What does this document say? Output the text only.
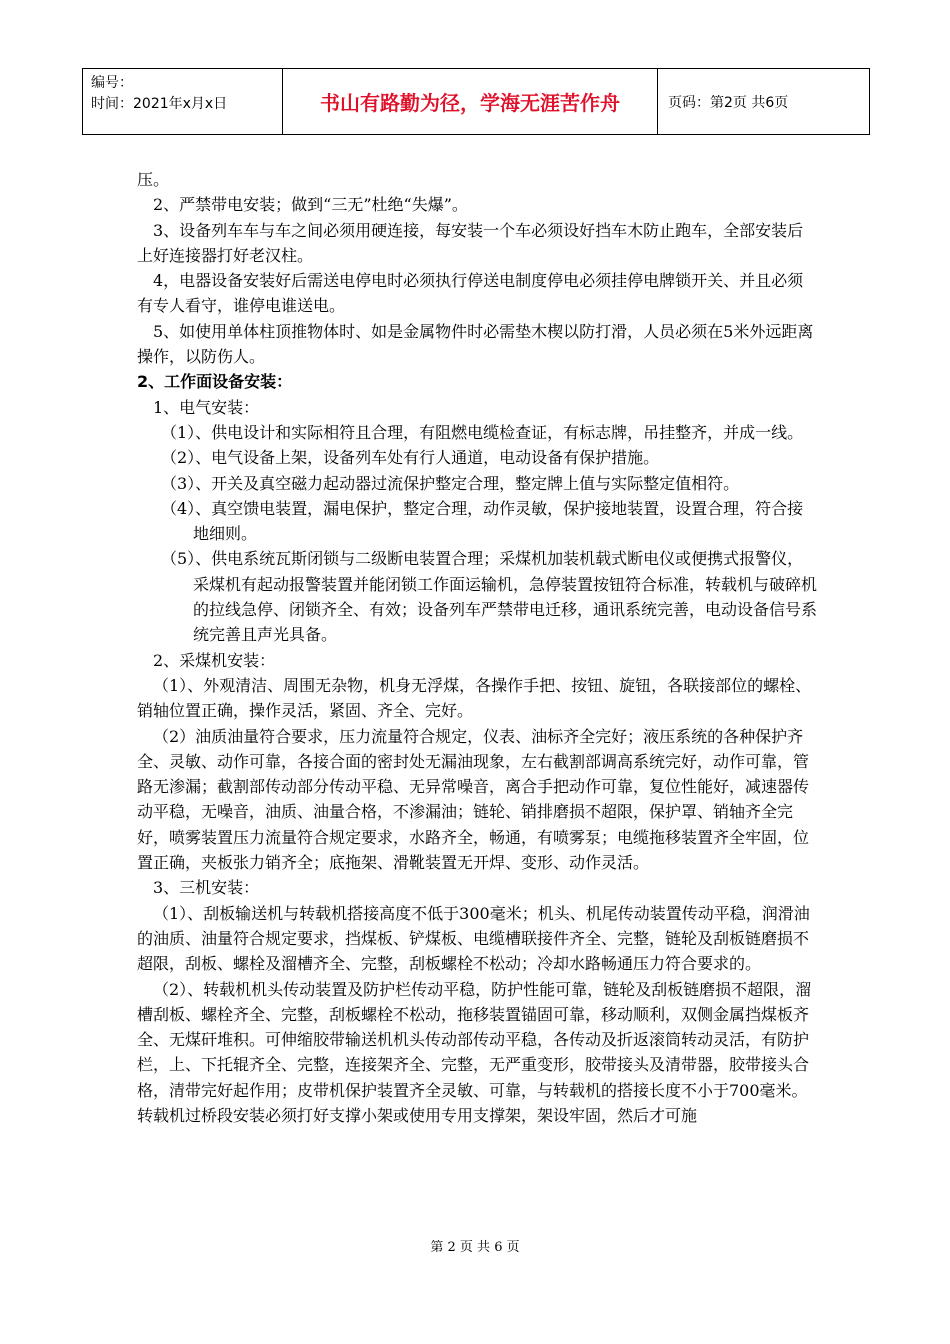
编号：
时间：2021年x月x日	书山有路勤为径，学海无涯苦作舟	页码：第2页 共6页

压。

2、严禁带电安装；做到“三无”杜绝“失爆”。

3、设备列车车与车之间必须用硬连接，每安装一个车必须设好挡车木防止跑车，全部安装后上好连接器打好老汉柱。

4，电器设备安装好后需送电停电时必须执行停送电制度停电必须挂停电牌锁开关、并且必须有专人看守，谁停电谁送电。

5、如使用单体柱顶推物体时、如是金属物件时必需垫木楔以防打滑，人员必须在5米外远距离操作，以防伤人。

2、工作面设备安装：

1、电气安装：

（1）、供电设计和实际相符且合理，有阻燃电缆检查证，有标志牌，吊挂整齐，并成一线。

（2）、电气设备上架，设备列车处有行人通道，电动设备有保护措施。

（3）、开关及真空磁力起动器过流保护整定合理，整定牌上值与实际整定值相符。

（4）、真空馈电装置，漏电保护，整定合理，动作灵敏，保护接地装置，设置合理，符合接地细则。

（5）、供电系统瓦斯闭锁与二级断电装置合理；采煤机加装机载式断电仪或便携式报警仪，采煤机有起动报警装置并能闭锁工作面运输机，急停装置按钮符合标准，转载机与破碎机的拉线急停、闭锁齐全、有效；设备列车严禁带电迁移，通讯系统完善，电动设备信号系统完善且声光具备。

2、采煤机安装：

（1）、外观清洁、周围无杂物，机身无浮煤，各操作手把、按钮、旋钮，各联接部位的螺栓、销轴位置正确，操作灵活，紧固、齐全、完好。

（2）油质油量符合要求，压力流量符合规定，仪表、油标齐全完好；液压系统的各种保护齐全、灵敏、动作可靠，各接合面的密封处无漏油现象，左右截割部调高系统完好，动作可靠，管路无渗漏；截割部传动部分传动平稳、无异常噪音，离合手把动作可靠，复位性能好，减速器传动平稳，无噪音，油质、油量合格，不渗漏油；链轮、销排磨损不超限，保护罩、销轴齐全完好，喷雾装置压力流量符合规定要求，水路齐全，畅通，有喷雾泵；电缆拖移装置齐全牢固，位置正确，夹板张力销齐全；底拖架、滑靴装置无开焊、变形、动作灵活。

3、三机安装：

（1）、刮板输送机与转载机搭接高度不低于300毫米；机头、机尾传动装置传动平稳，润滑油的油质、油量符合规定要求，挡煤板、铲煤板、电缆槽联接件齐全、完整，链轮及刮板链磨损不超限，刮板、螺栓及溜槽齐全、完整，刮板螺栓不松动；冷却水路畅通压力符合要求的。

（2）、转载机机头传动装置及防护栏传动平稳，防护性能可靠，链轮及刮板链磨损不超限，溜槽刮板、螺栓齐全、完整，刮板螺栓不松动，拖移装置锚固可靠，移动顺利，双侧金属挡煤板齐全、无煤矸堆积。可伸缩胶带输送机机头传动部传动平稳，各传动及折返滚筒转动灵活，有防护栏，上、下托辊齐全、完整，连接架齐全、完整，无严重变形，胶带接头及清带器，胶带接头合格，清带完好起作用；皮带机保护装置齐全灵敏、可靠，与转载机的搭接长度不小于700毫米。转载机过桥段安装必须打好支撑小架或使用专用支撑架，架设牢固，然后才可施

第 2 页 共 6 页
